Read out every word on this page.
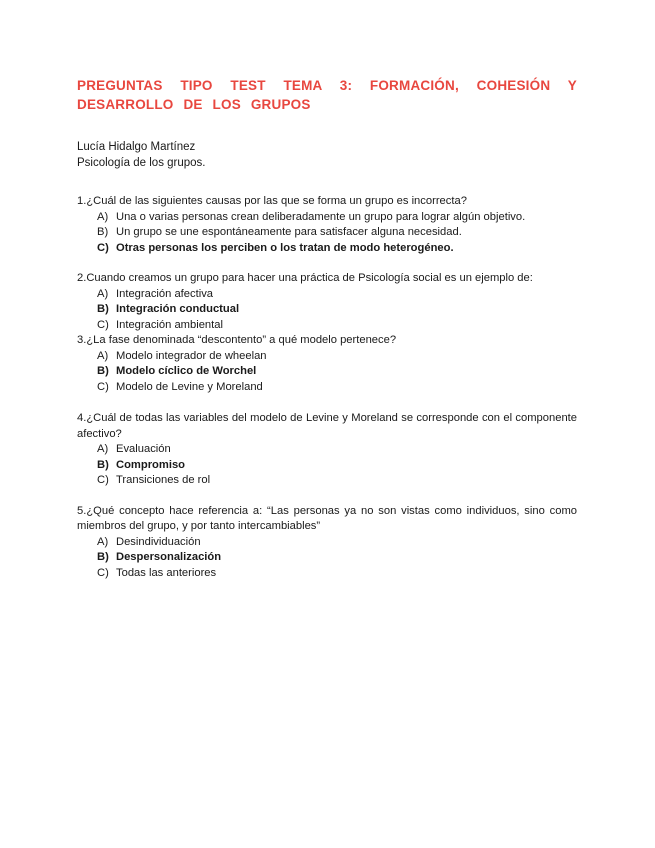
PREGUNTAS TIPO TEST TEMA 3: FORMACIÓN, COHESIÓN Y
DESARROLLO DE LOS GRUPOS
Lucía Hidalgo Martínez
Psicología de los grupos.

1.¿Cuál de las siguientes causas por las que se forma un grupo es incorrecta?

A) Una o varias personas crean deliberadamente un grupo para lograr algún objetivo.
B) Un grupo se une espontáneamente para satisfacer alguna necesidad.
C) Otras personas los perciben o los tratan de modo heterogéneo.

2.Cuando creamos un grupo para hacer una práctica de Psicología social es un ejemplo de:

A) Integración afectiva
B) Integración conductual
C) Integración ambiental

3.¿La fase denominada “descontento” a qué modelo pertenece?

A) Modelo integrador de wheelan
B) Modelo cíclico de Worchel
C) Modelo de Levine y Moreland

4.¿Cuál de todas las variables del modelo de Levine y Moreland se corresponde con el componente afectivo?

A) Evaluación
B) Compromiso
C) Transiciones de rol

5.¿Qué concepto hace referencia a: “Las personas ya no son vistas como individuos, sino como miembros del grupo, y por tanto intercambiables”

A) Desindividuación
B) Despersonalización
C) Todas las anteriores
